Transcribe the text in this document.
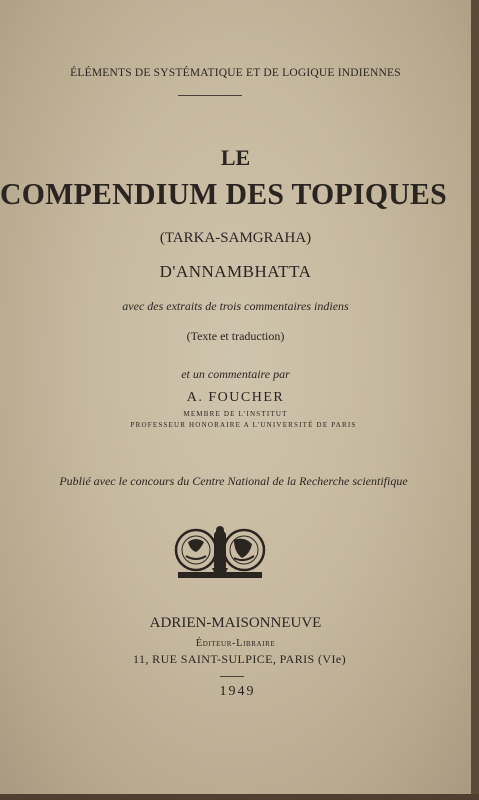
ÉLÉMENTS DE SYSTÉMATIQUE ET DE LOGIQUE INDIENNES
LE
COMPENDIUM DES TOPIQUES
(TARKA-SAMGRAHA)
D'ANNAMBHATTA
avec des extraits de trois commentaires indiens
(Texte et traduction)
et un commentaire par
A. FOUCHER
MEMBRE DE L'INSTITUT
PROFESSEUR HONORAIRE A L'UNIVERSITÉ DE PARIS
Publié avec le concours du Centre National de la Recherche scientifique
ADRIEN-MAISONNEUVE
Éditeur-Libraire
11, RUE SAINT-SULPICE, PARIS (VIe)
1949
